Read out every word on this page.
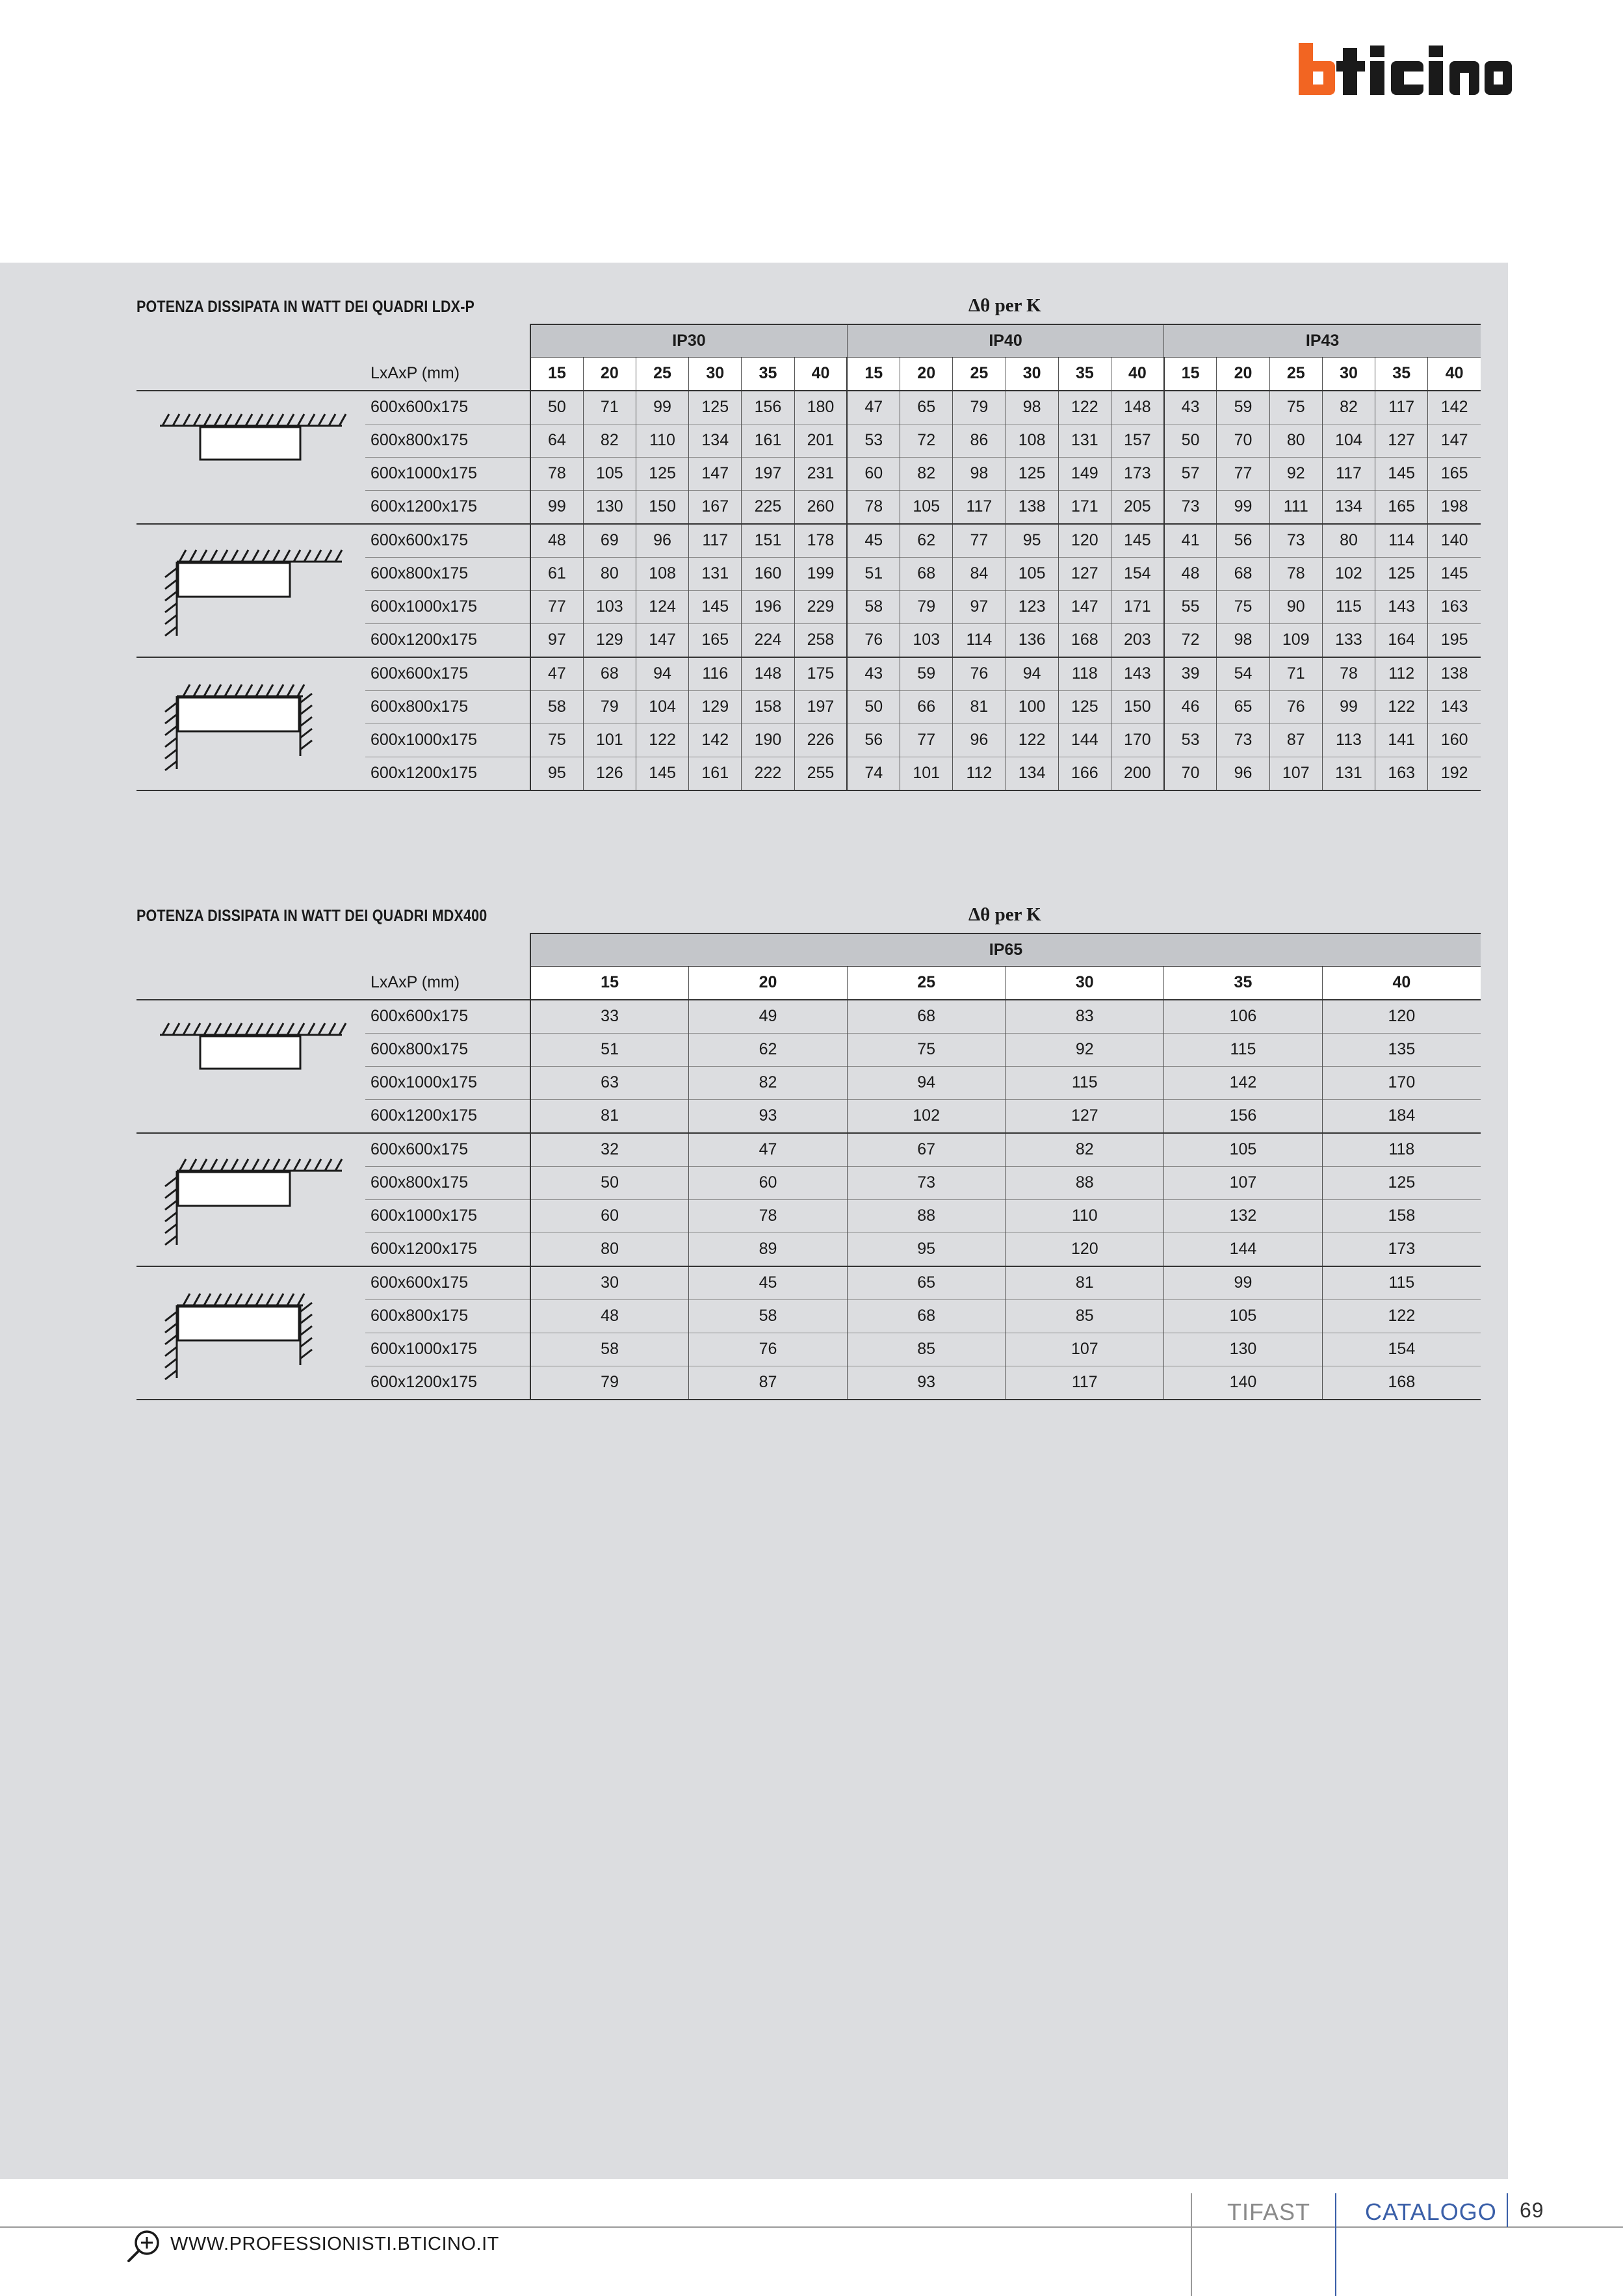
POTENZA DISSIPATA IN WATT DEI QUADRI LDX-P	Δθ per K
		IP30						IP40						IP43					
	LxAxP (mm)	15	20	25	30	35	40	15	20	25	30	35	40	15	20	25	30	35	40

	600x600x175	50	71	99	125	156	180	47	65	79	98	122	148	43	59	75	82	117	142
	600x800x175	64	82	110	134	161	201	53	72	86	108	131	157	50	70	80	104	127	147
	600x1000x175	78	105	125	147	197	231	60	82	98	125	149	173	57	77	92	117	145	165
	600x1200x175	99	130	150	167	225	260	78	105	117	138	171	205	73	99	111	134	165	198

	600x600x175	48	69	96	117	151	178	45	62	77	95	120	145	41	56	73	80	114	140
	600x800x175	61	80	108	131	160	199	51	68	84	105	127	154	48	68	78	102	125	145
	600x1000x175	77	103	124	145	196	229	58	79	97	123	147	171	55	75	90	115	143	163
	600x1200x175	97	129	147	165	224	258	76	103	114	136	168	203	72	98	109	133	164	195

	600x600x175	47	68	94	116	148	175	43	59	76	94	118	143	39	54	71	78	112	138
	600x800x175	58	79	104	129	158	197	50	66	81	100	125	150	46	65	76	99	122	143
	600x1000x175	75	101	122	142	190	226	56	77	96	122	144	170	53	73	87	113	141	160
	600x1200x175	95	126	145	161	222	255	74	101	112	134	166	200	70	96	107	131	163	192
POTENZA DISSIPATA IN WATT DEI QUADRI MDX400	Δθ per K
		IP65					
	LxAxP (mm)	15	20	25	30	35	40

	600x600x175	33	49	68	83	106	120
	600x800x175	51	62	75	92	115	135
	600x1000x175	63	82	94	115	142	170
	600x1200x175	81	93	102	127	156	184

	600x600x175	32	47	67	82	105	118
	600x800x175	50	60	73	88	107	125
	600x1000x175	60	78	88	110	132	158
	600x1200x175	80	89	95	120	144	173

	600x600x175	30	45	65	81	99	115
	600x800x175	48	58	68	85	105	122
	600x1000x175	58	76	85	107	130	154
	600x1200x175	79	87	93	117	140	168
TIFAST CATALOGO 69
WWW.PROFESSIONISTI.BTICINO.IT
